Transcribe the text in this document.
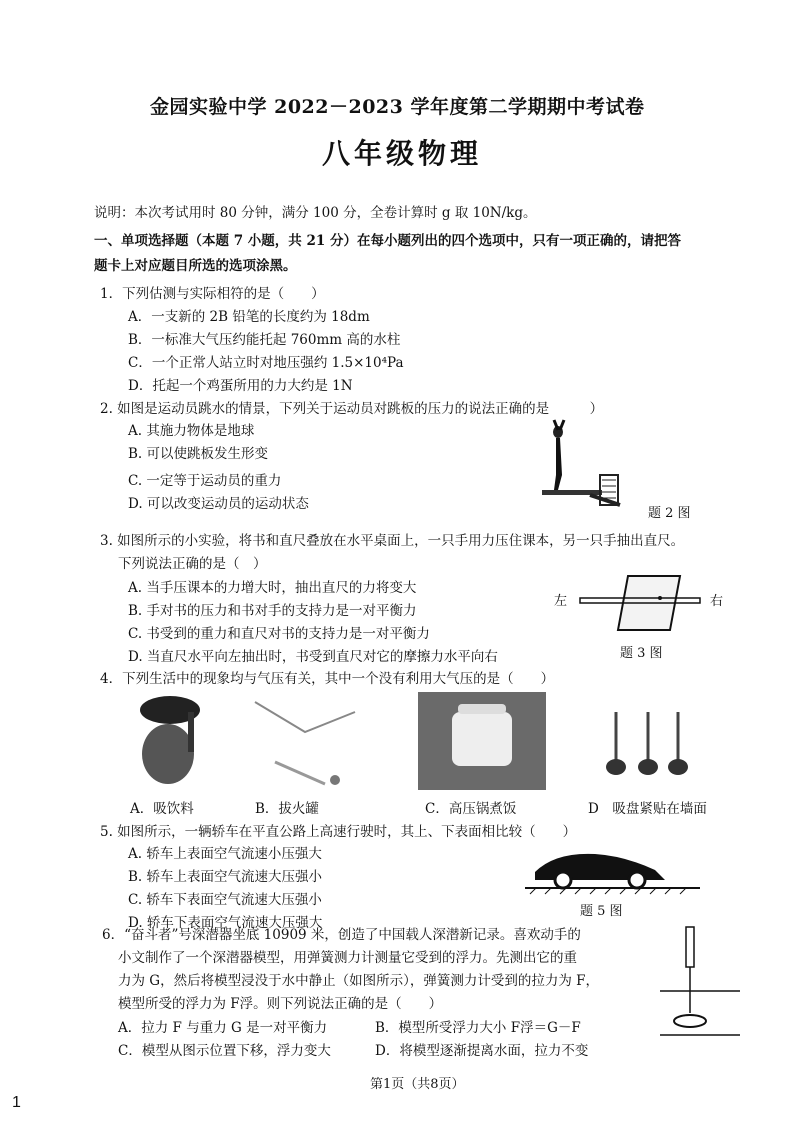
金园实验中学 2022－2023 学年度第二学期期中考试卷
八年级物理
说明：本次考试用时 80 分钟，满分 100 分，全卷计算时 g 取 10N/kg。
一、单项选择题（本题 7 小题，共 21 分）在每小题列出的四个选项中，只有一项正确的，请把答
题卡上对应题目所选的选项涂黑。
1．下列估测与实际相符的是（　　）
A．一支新的 2B 铅笔的长度约为 18dm
B．一标准大气压约能托起 760mm 高的水柱
C．一个正常人站立时对地压强约 1.5×10⁴Pa
D．托起一个鸡蛋所用的力大约是 1N
2. 如图是运动员跳水的情景，下列关于运动员对跳板的压力的说法正确的是　　　）
A. 其施力物体是地球
B. 可以使跳板发生形变
C. 一定等于运动员的重力
D. 可以改变运动员的运动状态
题 2 图
3. 如图所示的小实验，将书和直尺叠放在水平桌面上，一只手用力压住课本，另一只手抽出直尺。
下列说法正确的是（　）
A. 当手压课本的力增大时，抽出直尺的力将变大
B. 手对书的压力和书对手的支持力是一对平衡力
C. 书受到的重力和直尺对书的支持力是一对平衡力
D. 当直尺水平向左抽出时，书受到直尺对它的摩擦力水平向右
左	右
题 3 图
4．下列生活中的现象均与气压有关，其中一个没有利用大气压的是（　　）
A．吸饮料	B．拔火罐	C．高压锅煮饭	D　吸盘紧贴在墙面
5. 如图所示，一辆轿车在平直公路上高速行驶时，其上、下表面相比较（　　）
A. 轿车上表面空气流速小压强大
B. 轿车上表面空气流速大压强小
C. 轿车下表面空气流速大压强小
D. 轿车下表面空气流速大压强大
题 5 图
6．“奋斗者”号深潜器坐底 10909 米，创造了中国载人深潜新记录。喜欢动手的
小文制作了一个深潜器模型，用弹簧测力计测量它受到的浮力。先测出它的重
力为 G，然后将模型浸没于水中静止（如图所示），弹簧测力计受到的拉力为 F，
模型所受的浮力为 F浮。则下列说法正确的是（　　）
A．拉力 F 与重力 G 是一对平衡力	B．模型所受浮力大小 F浮＝G－F
C．模型从图示位置下移，浮力变大	D．将模型逐渐提离水面，拉力不变
第1页（共8页）
1
